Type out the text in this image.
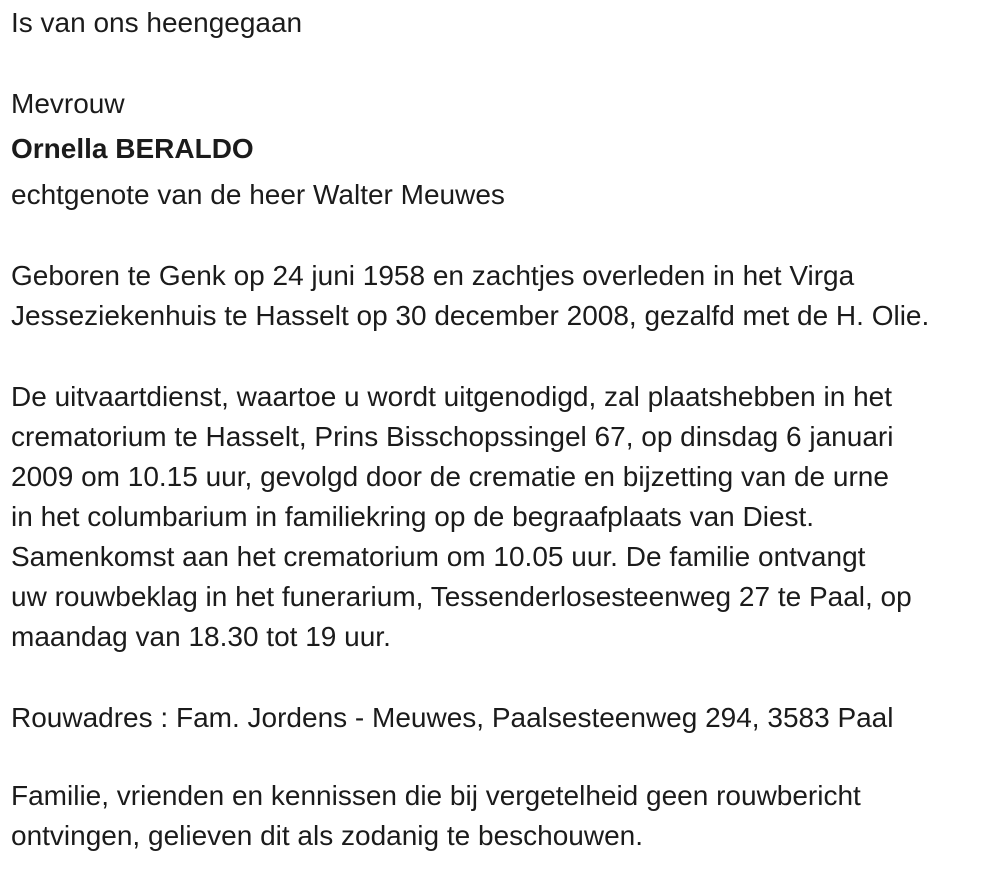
Is van ons heengegaan

Mevrouw

Ornella BERALDO

echtgenote van de heer Walter Meuwes

Geboren te Genk op 24 juni 1958 en zachtjes overleden in het Virga
Jesseziekenhuis te Hasselt op 30 december 2008, gezalfd met de H. Olie.
De uitvaartdienst, waartoe u wordt uitgenodigd, zal plaatshebben in het
crematorium te Hasselt, Prins Bisschopssingel 67, op dinsdag 6 januari
2009 om 10.15 uur, gevolgd door de crematie en bijzetting van de urne
in het columbarium in familiekring op de begraafplaats van Diest.
Samenkomst aan het crematorium om 10.05 uur. De familie ontvangt
uw rouwbeklag in het funerarium, Tessenderlosesteenweg 27 te Paal, op
maandag van 18.30 tot 19 uur.

Rouwadres : Fam. Jordens - Meuwes, Paalsesteenweg 294, 3583 Paal

Familie, vrienden en kennissen die bij vergetelheid geen rouwbericht
ontvingen, gelieven dit als zodanig te beschouwen.
